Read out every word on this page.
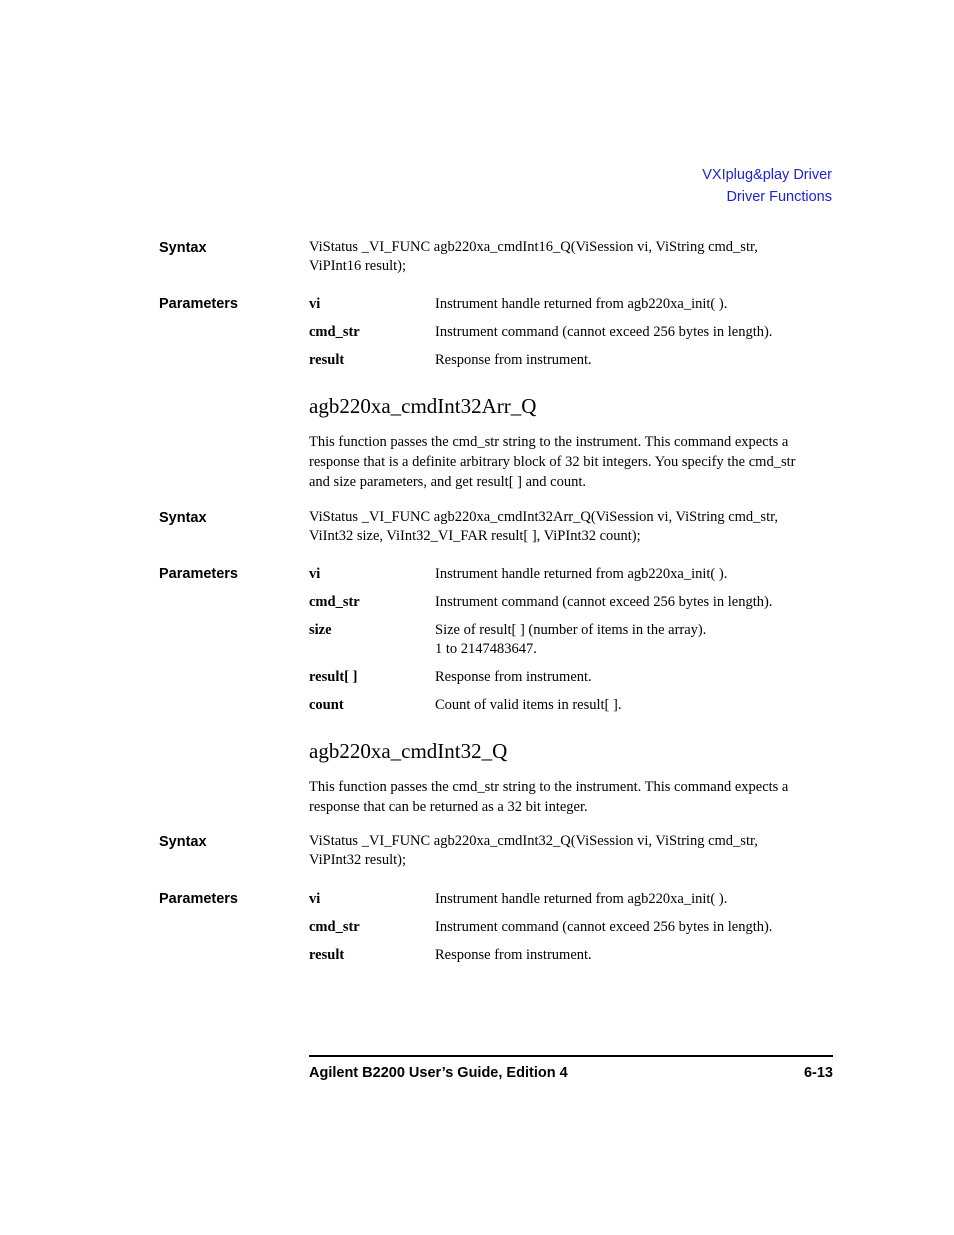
VXIplug&play Driver
Driver Functions
Syntax	ViStatus _VI_FUNC agb220xa_cmdInt16_Q(ViSession vi, ViString cmd_str,
ViPInt16 result);
Parameters	vi	Instrument handle returned from agb220xa_init( ).
cmd_str	Instrument command (cannot exceed 256 bytes in length).
result	Response from instrument.
agb220xa_cmdInt32Arr_Q
This function passes the cmd_str string to the instrument. This command expects a
response that is a definite arbitrary block of 32 bit integers. You specify the cmd_str
and size parameters, and get result[ ] and count.
Syntax	ViStatus _VI_FUNC agb220xa_cmdInt32Arr_Q(ViSession vi, ViString cmd_str,
ViInt32 size, ViInt32_VI_FAR result[ ], ViPInt32 count);
Parameters	vi	Instrument handle returned from agb220xa_init( ).
cmd_str	Instrument command (cannot exceed 256 bytes in length).
size	Size of result[ ] (number of items in the array).
1 to 2147483647.
result[ ]	Response from instrument.
count	Count of valid items in result[ ].
agb220xa_cmdInt32_Q
This function passes the cmd_str string to the instrument. This command expects a
response that can be returned as a 32 bit integer.
Syntax	ViStatus _VI_FUNC agb220xa_cmdInt32_Q(ViSession vi, ViString cmd_str,
ViPInt32 result);
Parameters	vi	Instrument handle returned from agb220xa_init( ).
cmd_str	Instrument command (cannot exceed 256 bytes in length).
result	Response from instrument.
Agilent B2200 User’s Guide, Edition 4	6-13
